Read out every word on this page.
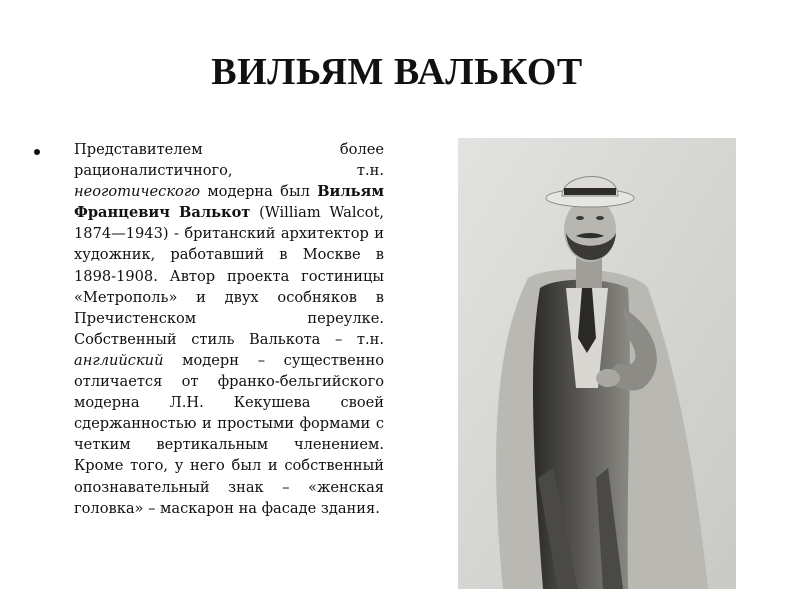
ВИЛЬЯМ ВАЛЬКОТ
Представителем более рационалистичного, т.н. неоготического модерна был Вильям Францевич Валькот (William Walcot, 1874—1943) - британский архитектор и художник, работавший в Москве в 1898-1908. Автор проекта гостиницы «Метрополь» и двух особняков в Пречистенском переулке. Собственный стиль Валькота – т.н. английский модерн – существенно отличается от франко-бельгийского модерна Л.Н. Кекушева своей сдержанностью и простыми формами с четким вертикальным членением. Кроме того, у него был и собственный опознавательный знак – «женская головка» – маскарон на фасаде здания.
